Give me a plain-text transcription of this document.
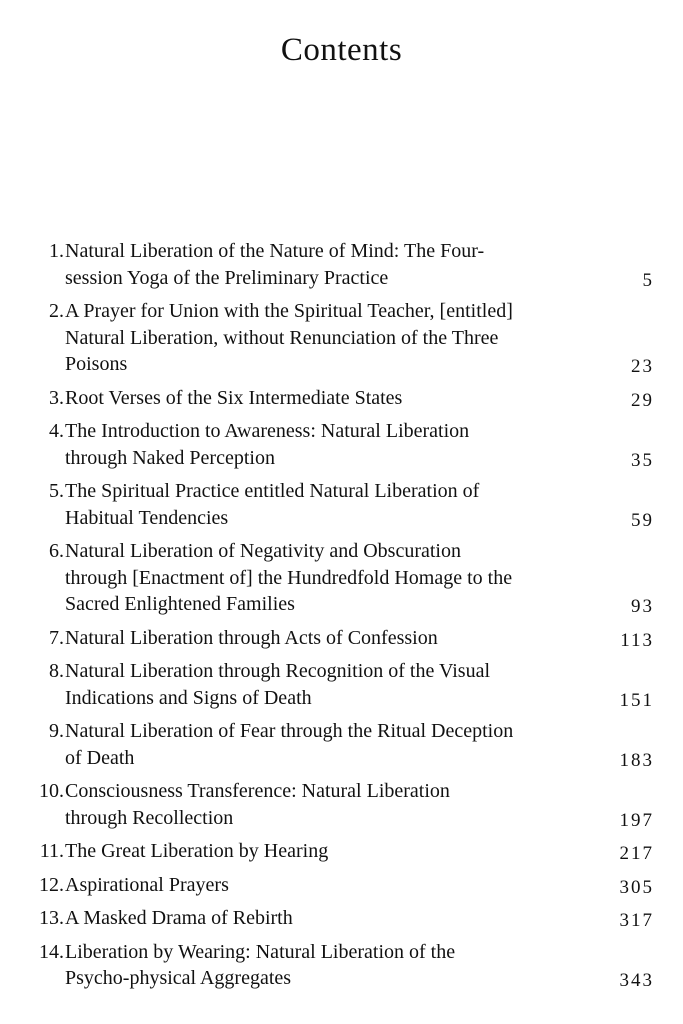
Contents
1. Natural Liberation of the Nature of Mind: The Four-
session Yoga of the Preliminary Practice	5
2. A Prayer for Union with the Spiritual Teacher, [entitled]
Natural Liberation, without Renunciation of the Three
Poisons	23
3. Root Verses of the Six Intermediate States	29
4. The Introduction to Awareness: Natural Liberation
through Naked Perception	35
5. The Spiritual Practice entitled Natural Liberation of
Habitual Tendencies	59
6. Natural Liberation of Negativity and Obscuration
through [Enactment of] the Hundredfold Homage to the
Sacred Enlightened Families	93
7. Natural Liberation through Acts of Confession	113
8. Natural Liberation through Recognition of the Visual
Indications and Signs of Death	151
9. Natural Liberation of Fear through the Ritual Deception
of Death	183
10. Consciousness Transference: Natural Liberation
through Recollection	197
11. The Great Liberation by Hearing	217
12. Aspirational Prayers	305
13. A Masked Drama of Rebirth	317
14. Liberation by Wearing: Natural Liberation of the
Psycho-physical Aggregates	343
